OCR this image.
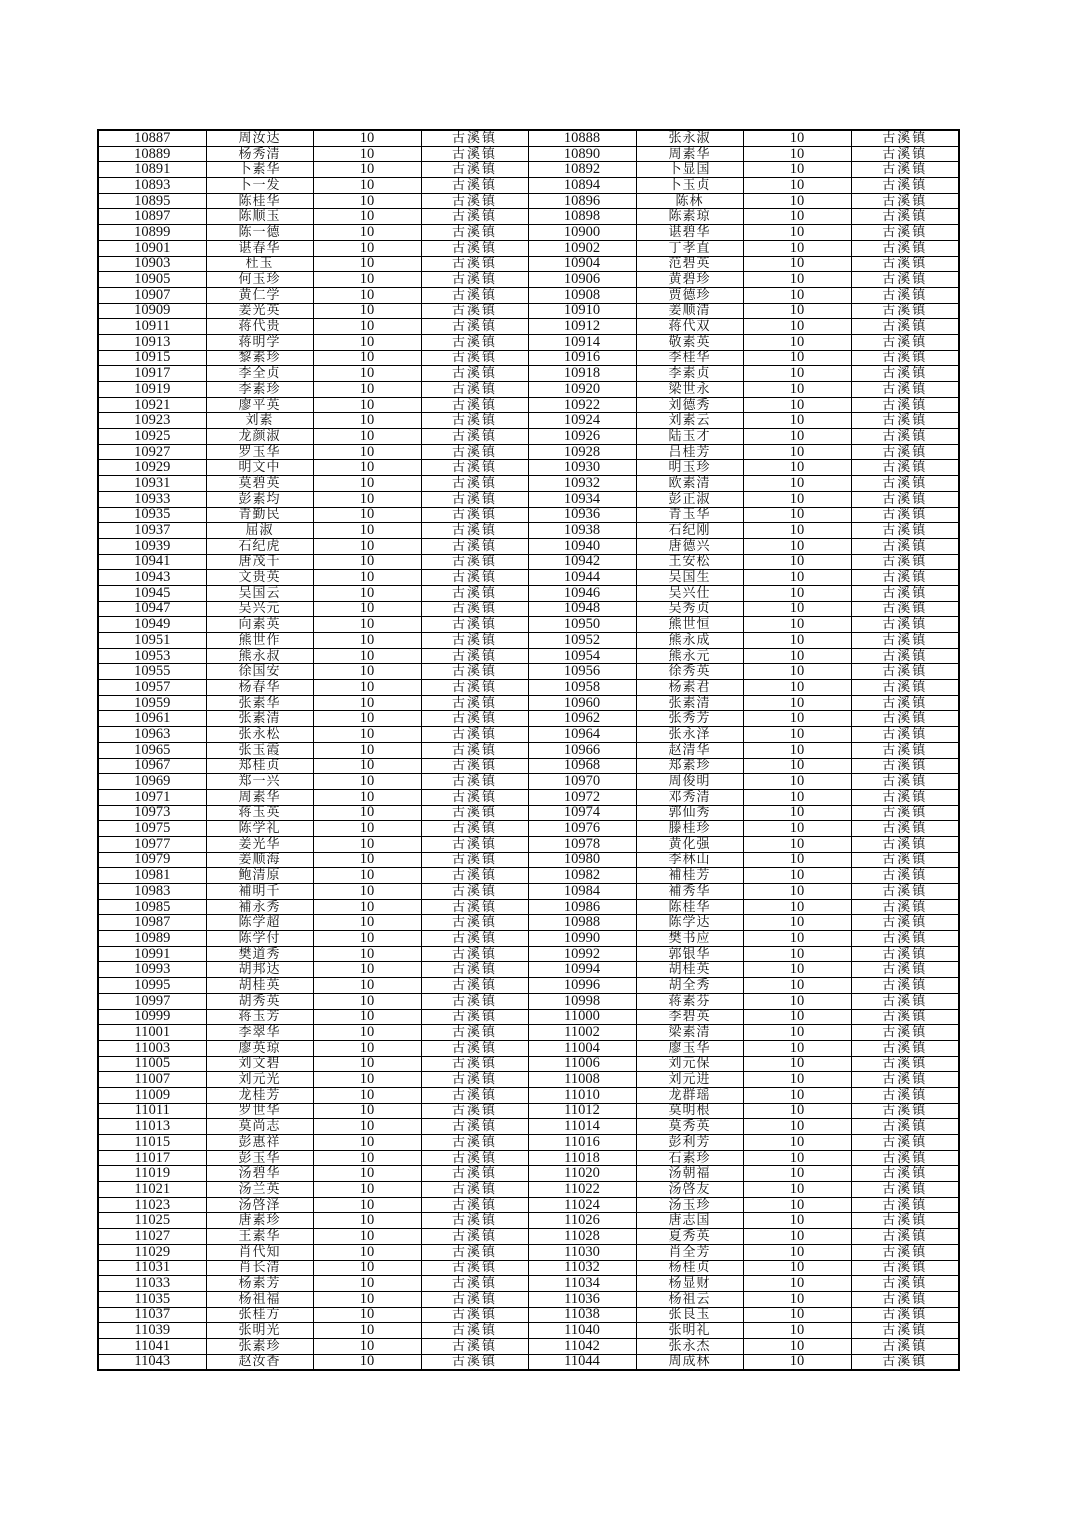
10887	周汝达	10	古溪镇	10888	张永淑	10	古溪镇
10889	杨秀清	10	古溪镇	10890	周素华	10	古溪镇
10891	卜素华	10	古溪镇	10892	卜显国	10	古溪镇
10893	卜一发	10	古溪镇	10894	卜玉贞	10	古溪镇
10895	陈桂华	10	古溪镇	10896	陈林	10	古溪镇
10897	陈顺玉	10	古溪镇	10898	陈素琼	10	古溪镇
10899	陈一德	10	古溪镇	10900	谌碧华	10	古溪镇
10901	谌春华	10	古溪镇	10902	丁孝直	10	古溪镇
10903	杜玉	10	古溪镇	10904	范碧英	10	古溪镇
10905	何玉珍	10	古溪镇	10906	黄碧珍	10	古溪镇
10907	黄仁学	10	古溪镇	10908	贾德珍	10	古溪镇
10909	姜光英	10	古溪镇	10910	姜顺清	10	古溪镇
10911	蒋代贵	10	古溪镇	10912	蒋代双	10	古溪镇
10913	蒋明学	10	古溪镇	10914	敬素英	10	古溪镇
10915	黎素珍	10	古溪镇	10916	李桂华	10	古溪镇
10917	李全贞	10	古溪镇	10918	李素贞	10	古溪镇
10919	李素珍	10	古溪镇	10920	梁世永	10	古溪镇
10921	廖平英	10	古溪镇	10922	刘德秀	10	古溪镇
10923	刘素	10	古溪镇	10924	刘素云	10	古溪镇
10925	龙颜淑	10	古溪镇	10926	陆玉才	10	古溪镇
10927	罗玉华	10	古溪镇	10928	吕桂芳	10	古溪镇
10929	明文中	10	古溪镇	10930	明玉珍	10	古溪镇
10931	莫碧英	10	古溪镇	10932	欧素清	10	古溪镇
10933	彭素均	10	古溪镇	10934	彭正淑	10	古溪镇
10935	青勤民	10	古溪镇	10936	青玉华	10	古溪镇
10937	屈淑	10	古溪镇	10938	石纪刚	10	古溪镇
10939	石纪虎	10	古溪镇	10940	唐德兴	10	古溪镇
10941	唐茂千	10	古溪镇	10942	王安松	10	古溪镇
10943	文贵英	10	古溪镇	10944	吴国生	10	古溪镇
10945	吴国云	10	古溪镇	10946	吴兴仕	10	古溪镇
10947	吴兴元	10	古溪镇	10948	吴秀贞	10	古溪镇
10949	向素英	10	古溪镇	10950	熊世恒	10	古溪镇
10951	熊世作	10	古溪镇	10952	熊永成	10	古溪镇
10953	熊永叔	10	古溪镇	10954	熊永元	10	古溪镇
10955	徐国安	10	古溪镇	10956	徐秀英	10	古溪镇
10957	杨春华	10	古溪镇	10958	杨素君	10	古溪镇
10959	张素华	10	古溪镇	10960	张素清	10	古溪镇
10961	张素清	10	古溪镇	10962	张秀芳	10	古溪镇
10963	张永松	10	古溪镇	10964	张永泽	10	古溪镇
10965	张玉霞	10	古溪镇	10966	赵清华	10	古溪镇
10967	郑桂贞	10	古溪镇	10968	郑素珍	10	古溪镇
10969	郑一兴	10	古溪镇	10970	周俊明	10	古溪镇
10971	周素华	10	古溪镇	10972	邓秀清	10	古溪镇
10973	蒋玉英	10	古溪镇	10974	郭仙秀	10	古溪镇
10975	陈学礼	10	古溪镇	10976	滕桂珍	10	古溪镇
10977	姜光华	10	古溪镇	10978	黄化强	10	古溪镇
10979	姜顺海	10	古溪镇	10980	李林山	10	古溪镇
10981	鲍清原	10	古溪镇	10982	補桂芳	10	古溪镇
10983	補明千	10	古溪镇	10984	補秀华	10	古溪镇
10985	補永秀	10	古溪镇	10986	陈桂华	10	古溪镇
10987	陈学超	10	古溪镇	10988	陈学达	10	古溪镇
10989	陈学付	10	古溪镇	10990	樊书应	10	古溪镇
10991	樊道秀	10	古溪镇	10992	郭银华	10	古溪镇
10993	胡邦达	10	古溪镇	10994	胡桂英	10	古溪镇
10995	胡桂英	10	古溪镇	10996	胡全秀	10	古溪镇
10997	胡秀英	10	古溪镇	10998	蒋素芬	10	古溪镇
10999	蒋玉芳	10	古溪镇	11000	李碧英	10	古溪镇
11001	李翠华	10	古溪镇	11002	梁素清	10	古溪镇
11003	廖英琼	10	古溪镇	11004	廖玉华	10	古溪镇
11005	刘文碧	10	古溪镇	11006	刘元保	10	古溪镇
11007	刘元光	10	古溪镇	11008	刘元进	10	古溪镇
11009	龙桂芳	10	古溪镇	11010	龙群瑶	10	古溪镇
11011	罗世华	10	古溪镇	11012	莫明根	10	古溪镇
11013	莫尚志	10	古溪镇	11014	莫秀英	10	古溪镇
11015	彭惠祥	10	古溪镇	11016	彭利芳	10	古溪镇
11017	彭玉华	10	古溪镇	11018	石素珍	10	古溪镇
11019	汤碧华	10	古溪镇	11020	汤朝福	10	古溪镇
11021	汤兰英	10	古溪镇	11022	汤啓友	10	古溪镇
11023	汤啓泽	10	古溪镇	11024	汤玉珍	10	古溪镇
11025	唐素珍	10	古溪镇	11026	唐志国	10	古溪镇
11027	王素华	10	古溪镇	11028	夏秀英	10	古溪镇
11029	肖代知	10	古溪镇	11030	肖全芳	10	古溪镇
11031	肖长清	10	古溪镇	11032	杨桂贞	10	古溪镇
11033	杨素芳	10	古溪镇	11034	杨显财	10	古溪镇
11035	杨祖福	10	古溪镇	11036	杨祖云	10	古溪镇
11037	张桂方	10	古溪镇	11038	张良玉	10	古溪镇
11039	张明光	10	古溪镇	11040	张明礼	10	古溪镇
11041	张素珍	10	古溪镇	11042	张永杰	10	古溪镇
11043	赵汝香	10	古溪镇	11044	周成林	10	古溪镇
